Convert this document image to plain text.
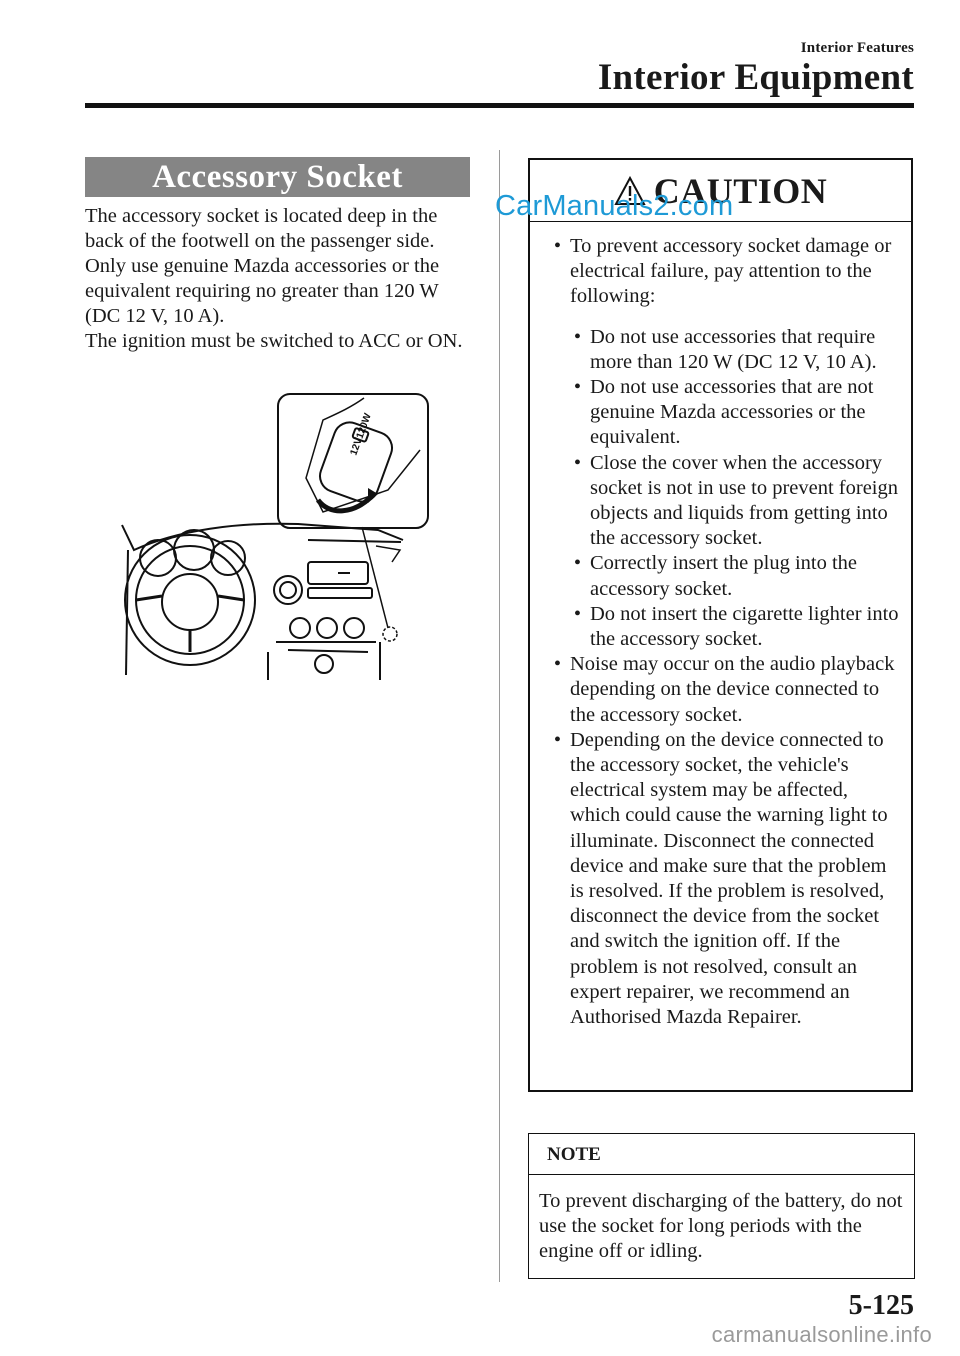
Interior Features
Interior Equipment
Accessory Socket

The accessory socket is located deep in the back of the footwell on the passenger side.

Only use genuine Mazda accessories or the equivalent requiring no greater than 120 W (DC 12 V, 10 A).

The ignition must be switched to ACC or ON.

12V120W
CAUTION
• To prevent accessory socket damage or electrical failure, pay attention to the following:
• Do not use accessories that require more than 120 W (DC 12 V, 10 A).
• Do not use accessories that are not genuine Mazda accessories or the equivalent.
• Close the cover when the accessory socket is not in use to prevent foreign objects and liquids from getting into the accessory socket.
• Correctly insert the plug into the accessory socket.
• Do not insert the cigarette lighter into the accessory socket.
• Noise may occur on the audio playback depending on the device connected to the accessory socket.
• Depending on the device connected to the accessory socket, the vehicle's electrical system may be affected, which could cause the warning light to illuminate. Disconnect the connected device and make sure that the problem is resolved. If the problem is resolved, disconnect the device from the socket and switch the ignition off. If the problem is not resolved, consult an expert repairer, we recommend an Authorised Mazda Repairer.
CarManuals2.com
NOTE
To prevent discharging of the battery, do not use the socket for long periods with the engine off or idling.
5-125
carmanualsonline.info
